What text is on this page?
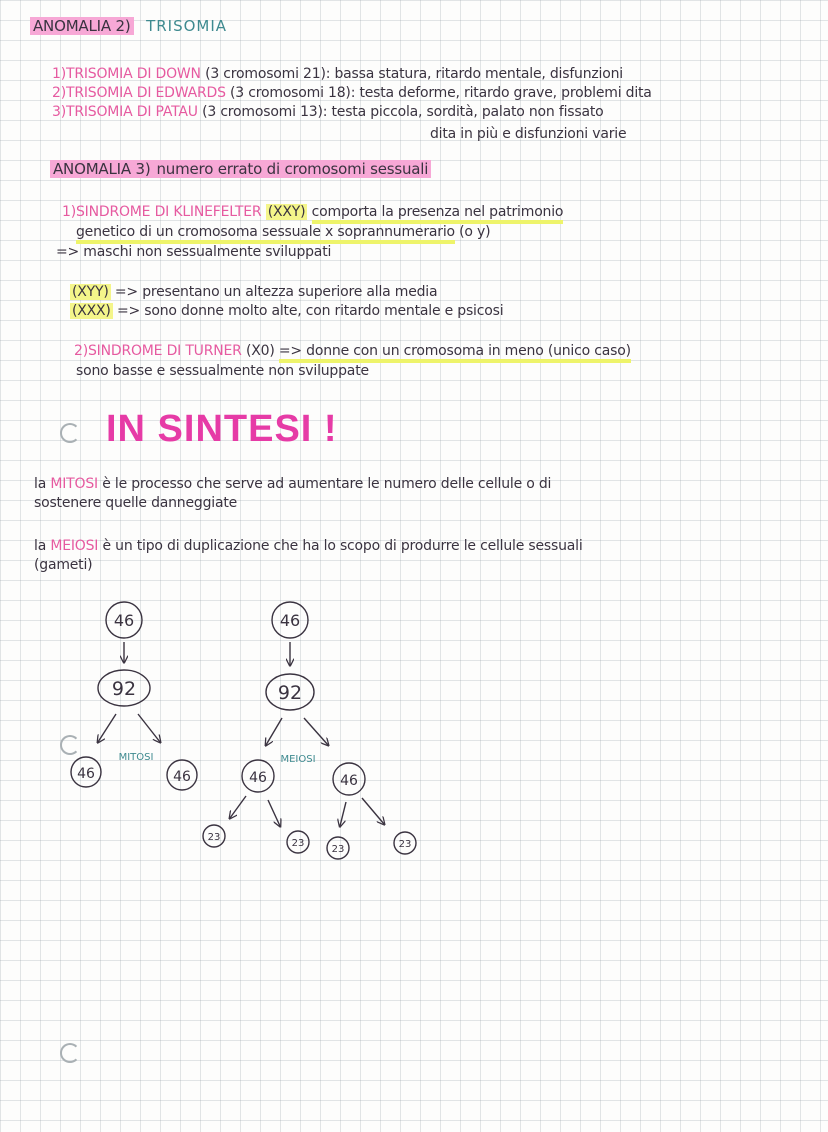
ANOMALIA 2) TRISOMIA
1)TRISOMIA DI DOWN (3 cromosomi 21): bassa statura, ritardo mentale, disfunzioni
2)TRISOMIA DI EDWARDS (3 cromosomi 18): testa deforme, ritardo grave, problemi dita
3)TRISOMIA DI PATAU (3 cromosomi 13): testa piccola, sordità, palato non fissato
dita in più e disfunzioni varie
ANOMALIA 3) numero errato di cromosomi sessuali
1)SINDROME DI KLINEFELTER (XXY) comporta la presenza nel patrimonio
genetico di un cromosoma sessuale x soprannumerario (o y)
=> maschi non sessualmente sviluppati
(XYY) => presentano un altezza superiore alla media
(XXX) => sono donne molto alte, con ritardo mentale e psicosi
2)SINDROME DI TURNER (X0) => donne con un cromosoma in meno (unico caso)
sono basse e sessualmente non sviluppate
IN SINTESI !
la MITOSI è le processo che serve ad aumentare le numero delle cellule o di
sostenere quelle danneggiate
la MEIOSI è un tipo di duplicazione che ha lo scopo di produrre le cellule sessuali
(gameti)
46
92
46	46
MITOSI
46
92
46	46
MEIOSI
23
23
23	23
